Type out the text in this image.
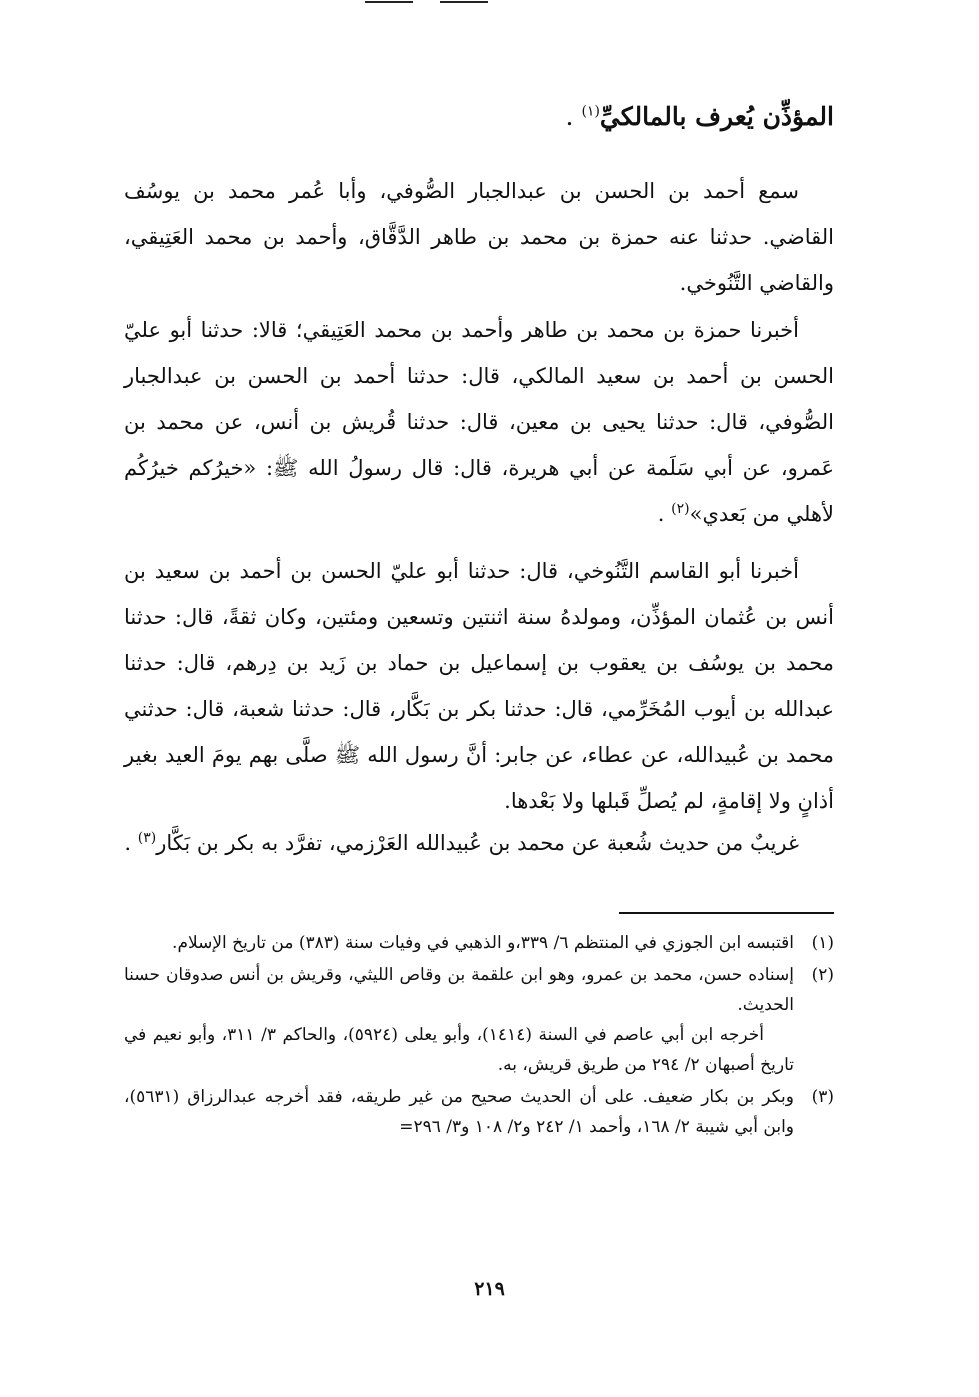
المؤذِّن يُعرف بالمالكيِّ$^{(١)}$ .

سمع أحمد بن الحسن بن عبدالجبار الصُّوفي، وأبا عُمر محمد بن يوسُف القاضي. حدثنا عنه حمزة بن محمد بن طاهر الدَّقَّاق، وأحمد بن محمد العَتِيقي، والقاضي التَّنُوخي.

أخبرنا حمزة بن محمد بن طاهر وأحمد بن محمد العَتِيقي؛ قالا: حدثنا أبو عليّ الحسن بن أحمد بن سعيد المالكي، قال: حدثنا أحمد بن الحسن بن عبدالجبار الصُّوفي، قال: حدثنا يحيى بن معين، قال: حدثنا قُريش بن أنس، عن محمد بن عَمرو، عن أبي سَلَمة عن أبي هريرة، قال: قال رسولُ الله ﷺ: «خيرُكم خيرُكُم لأهلي من بَعدي»$^{(٢)}$ .

أخبرنا أبو القاسم التَّنُوخي، قال: حدثنا أبو عليّ الحسن بن أحمد بن سعيد بن أنس بن عُثمان المؤذِّن، ومولدهُ سنة اثنتين وتسعين ومئتين، وكان ثقةً، قال: حدثنا محمد بن يوسُف بن يعقوب بن إسماعيل بن حماد بن زَيد بن دِرهم، قال: حدثنا عبدالله بن أيوب المُخَرِّمي، قال: حدثنا بكر بن بَكَّار، قال: حدثنا شعبة، قال: حدثني محمد بن عُبيدالله، عن عطاء، عن جابر: أنَّ رسول الله ﷺ صلَّى بهم يومَ العيد بغير أذانٍ ولا إقامةٍ، لم يُصلِّ قَبلها ولا بَعْدها.

غريبٌ من حديث شُعبة عن محمد بن عُبيدالله العَرْزمي، تفرَّد به بكر بن بَكَّار$^{(٣)}$ .

(١)

اقتبسه ابن الجوزي في المنتظم ٦/ ٣٣٩،و الذهبي في وفيات سنة (٣٨٣) من تاريخ الإسلام.

(٢)

إسناده حسن، محمد بن عمرو، وهو ابن علقمة بن وقاص الليثي، وقريش بن أنس صدوقان حسنا الحديث.

أخرجه ابن أبي عاصم في السنة (١٤١٤)، وأبو يعلى (٥٩٢٤)، والحاكم ٣/ ٣١١، وأبو نعيم في تاريخ أصبهان ٢/ ٢٩٤ من طريق قريش، به.

(٣)

وبكر بن بكار ضعيف. على أن الحديث صحيح من غير طريقه، فقد أخرجه عبدالرزاق (٥٦٣١)، وابن أبي شيبة ٢/ ١٦٨، وأحمد ١/ ٢٤٢ و٢/ ١٠٨ و٣/ ٢٩٦=

٢١٩
